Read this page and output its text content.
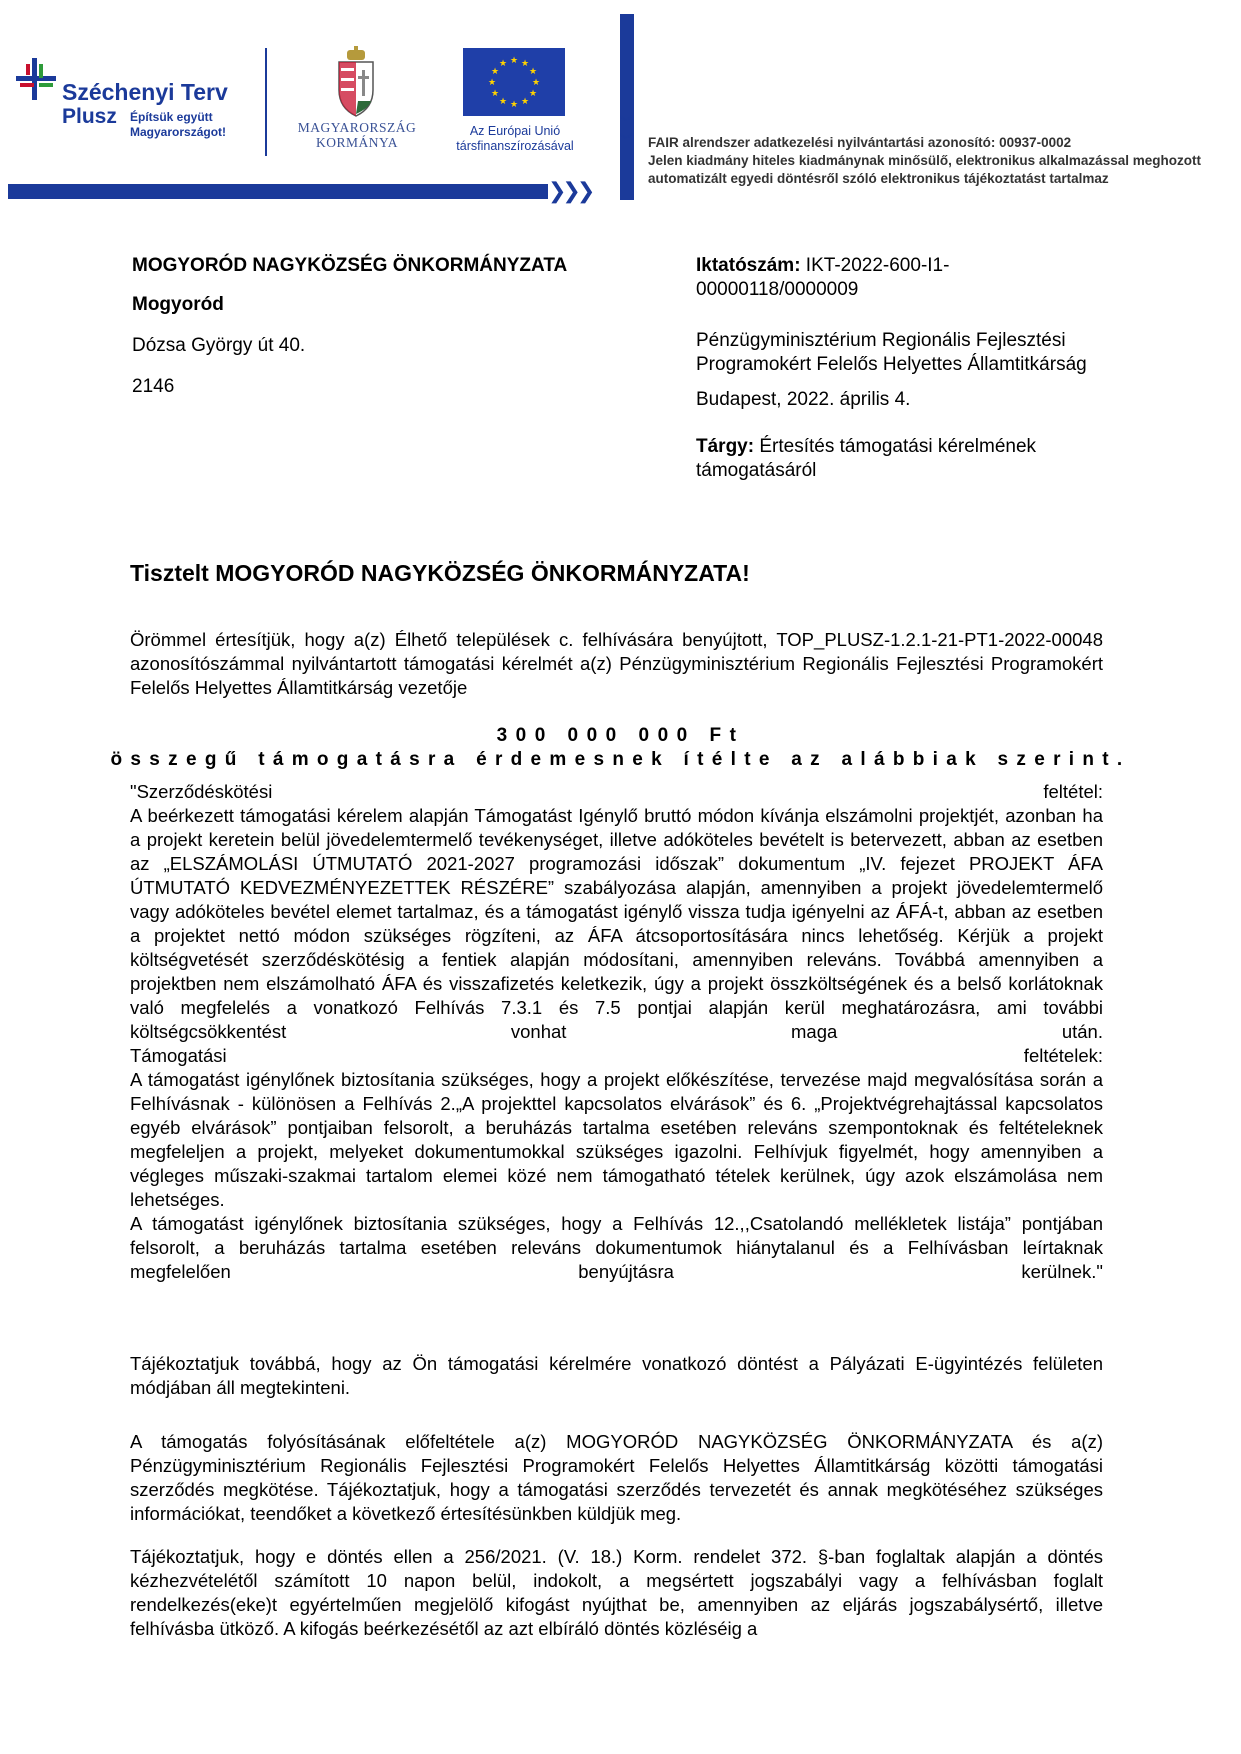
Széchenyi Terv
Plusz Építsük együtt
Magyarországot!	MAGYARORSZÁG
KORMÁNYA
★ ★
★
★
★
★
★
★
★
★
★
★
Az Európai Unió
társfinanszírozásával
︾
︾
❯❯❯
FAIR alrendszer adatkezelési nyilvántartási azonosító: 00937-0002
Jelen kiadmány hiteles kiadmánynak minősülő, elektronikus alkalmazással meghozott
automatizált egyedi döntésről szóló elektronikus tájékoztatást tartalmaz
MOGYORÓD NAGYKÖZSÉG ÖNKORMÁNYZATA
Mogyoród
Dózsa György út 40.
2146
Iktatószám: IKT-2022-600-I1-
00000118/0000009
Pénzügyminisztérium Regionális Fejlesztési
Programokért Felelős Helyettes Államtitkárság
Budapest, 2022. április 4.
Tárgy: Értesítés támogatási kérelmének
támogatásáról
Tisztelt MOGYORÓD NAGYKÖZSÉG ÖNKORMÁNYZATA!
Örömmel értesítjük, hogy a(z) Élhető települések c. felhívására benyújtott, TOP_PLUSZ-1.2.1-21-PT1-2022-00048 azonosítószámmal nyilvántartott támogatási kérelmét a(z) Pénzügyminisztérium Regionális Fejlesztési Programokért Felelős Helyettes Államtitkárság vezetője
300 000 000 Ft
összegű támogatásra érdemesnek ítélte az alábbiak szerint.
"Szerződéskötési feltétel:
A beérkezett támogatási kérelem alapján Támogatást Igénylő bruttó módon kívánja elszámolni projektjét, azonban ha a projekt keretein belül jövedelemtermelő tevékenységet, illetve adóköteles bevételt is betervezett, abban az esetben az „ELSZÁMOLÁSI ÚTMUTATÓ 2021-2027 programozási időszak” dokumentum „IV. fejezet PROJEKT ÁFA ÚTMUTATÓ KEDVEZMÉNYEZETTEK RÉSZÉRE” szabályozása alapján, amennyiben a projekt jövedelemtermelő vagy adóköteles bevétel elemet tartalmaz, és a támogatást igénylő vissza tudja igényelni az ÁFÁ-t, abban az esetben a projektet nettó módon szükséges rögzíteni, az ÁFA átcsoportosítására nincs lehetőség. Kérjük a projekt költségvetését szerződéskötésig a fentiek alapján módosítani, amennyiben releváns. Továbbá amennyiben a projektben nem elszámolható ÁFA és visszafizetés keletkezik, úgy a projekt összköltségének és a belső korlátoknak való megfelelés a vonatkozó Felhívás 7.3.1 és 7.5 pontjai alapján kerül meghatározásra, ami további költségcsökkentést vonhat maga után.
Támogatási feltételek:
A támogatást igénylőnek biztosítania szükséges, hogy a projekt előkészítése, tervezése majd megvalósítása során a Felhívásnak - különösen a Felhívás 2.„A projekttel kapcsolatos elvárások” és 6. „Projektvégrehajtással kapcsolatos egyéb elvárások” pontjaiban felsorolt, a beruházás tartalma esetében releváns szempontoknak és feltételeknek megfeleljen a projekt, melyeket dokumentumokkal szükséges igazolni. Felhívjuk figyelmét, hogy amennyiben a végleges műszaki-szakmai tartalom elemei közé nem támogatható tételek kerülnek, úgy azok elszámolása nem lehetséges.
A támogatást igénylőnek biztosítania szükséges, hogy a Felhívás 12.,,Csatolandó mellékletek listája” pontjában felsorolt, a beruházás tartalma esetében releváns dokumentumok hiánytalanul és a Felhívásban leírtaknak megfelelően benyújtásra kerülnek."
Tájékoztatjuk továbbá, hogy az Ön támogatási kérelmére vonatkozó döntést a Pályázati E-ügyintézés felületen módjában áll megtekinteni.
A támogatás folyósításának előfeltétele a(z) MOGYORÓD NAGYKÖZSÉG ÖNKORMÁNYZATA és a(z) Pénzügyminisztérium Regionális Fejlesztési Programokért Felelős Helyettes Államtitkárság közötti támogatási szerződés megkötése. Tájékoztatjuk, hogy a támogatási szerződés tervezetét és annak megkötéséhez szükséges információkat, teendőket a következő értesítésünkben küldjük meg.
Tájékoztatjuk, hogy e döntés ellen a 256/2021. (V. 18.) Korm. rendelet 372. §-ban foglaltak alapján a döntés kézhezvételétől számított 10 napon belül, indokolt, a megsértett jogszabályi vagy a felhívásban foglalt rendelkezés(eke)t egyértelműen megjelölő kifogást nyújthat be, amennyiben az eljárás jogszabálysértő, illetve felhívásba ütköző. A kifogás beérkezésétől az azt elbíráló döntés közléséig a
